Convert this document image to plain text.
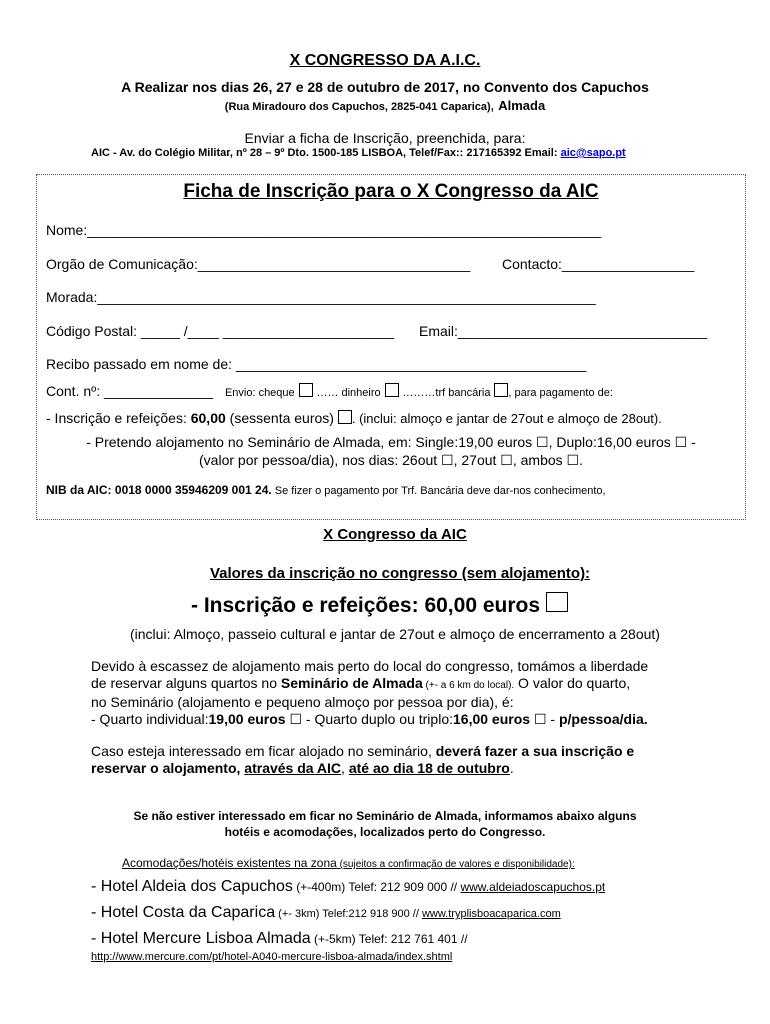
X CONGRESSO DA A.I.C.
A Realizar nos dias 26, 27 e 28 de outubro de 2017, no Convento dos Capuchos
(Rua Miradouro dos Capuchos, 2825-041 Caparica), Almada
Enviar a ficha de Inscrição, preenchida, para:
AIC - Av. do Colégio Militar, nº 28 – 9º Dto. 1500-185 LISBOA, Telef/Fax:: 217165392 Email: aic@sapo.pt
Ficha de Inscrição para o X Congresso da AIC
Nome:__________________________________________________________________
Orgão de Comunicação:___________________________________ Contacto:_________________
Morada:________________________________________________________________
Código Postal: _____ /____ ______________________ Email:________________________________
Recibo passado em nome de: _____________________________________________
Cont. nº: ______________ Envio: cheque …… dinheiro ………trf bancária , para pagamento de:
- Inscrição e refeições: 60,00 (sessenta euros) . (inclui: almoço e jantar de 27out e almoço de 28out).
- Pretendo alojamento no Seminário de Almada, em: Single:19,00 euros ☐, Duplo:16,00 euros ☐ -
(valor por pessoa/dia), nos dias: 26out ☐, 27out ☐, ambos ☐.
NIB da AIC: 0018 0000 35946209 001 24. Se fizer o pagamento por Trf. Bancária deve dar-nos conhecimento,
X Congresso da AIC
Valores da inscrição no congresso (sem alojamento):
- Inscrição e refeições: 60,00 euros
(inclui: Almoço, passeio cultural e jantar de 27out e almoço de encerramento a 28out)
Devido à escassez de alojamento mais perto do local do congresso, tomámos a liberdade
de reservar alguns quartos no Seminário de Almada (+- a 6 km do local). O valor do quarto,
no Seminário (alojamento e pequeno almoço por pessoa por dia), é:
- Quarto individual:19,00 euros ☐ - Quarto duplo ou triplo:16,00 euros ☐ - p/pessoa/dia.
Caso esteja interessado em ficar alojado no seminário, deverá fazer a sua inscrição e
reservar o alojamento, através da AIC, até ao dia 18 de outubro.
Se não estiver interessado em ficar no Seminário de Almada, informamos abaixo alguns
hotéis e acomodações, localizados perto do Congresso.
Acomodações/hotéis existentes na zona (sujeitos a confirmação de valores e disponibilidade):
- Hotel Aldeia dos Capuchos (+-400m) Telef: 212 909 000 // www.aldeiadoscapuchos.pt
- Hotel Costa da Caparica (+- 3km) Telef:212 918 900 // www.tryplisboacaparica.com
- Hotel Mercure Lisboa Almada (+-5km) Telef: 212 761 401 //
http://www.mercure.com/pt/hotel-A040-mercure-lisboa-almada/index.shtml
